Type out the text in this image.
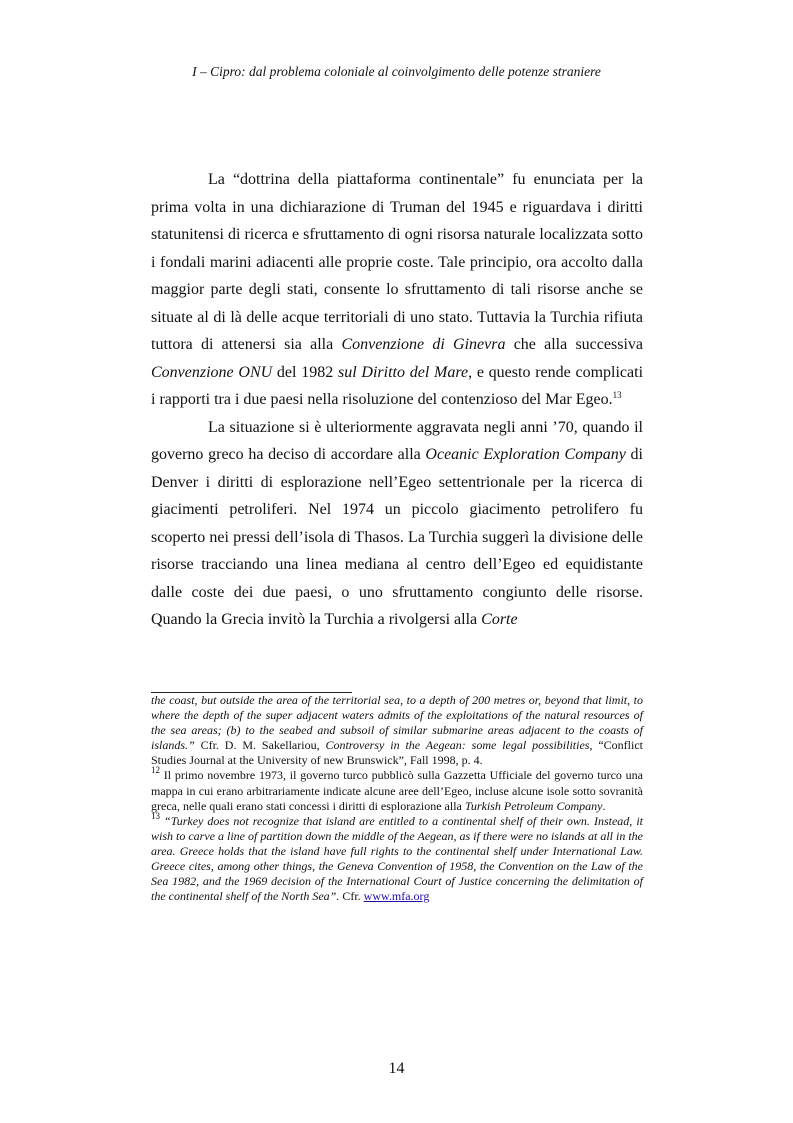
I – Cipro: dal problema coloniale al coinvolgimento delle potenze straniere

La “dottrina della piattaforma continentale” fu enunciata per la prima volta in una dichiarazione di Truman del 1945 e riguardava i diritti statunitensi di ricerca e sfruttamento di ogni risorsa naturale localizzata sotto i fondali marini adiacenti alle proprie coste. Tale principio, ora accolto dalla maggior parte degli stati, consente lo sfruttamento di tali risorse anche se situate al di là delle acque territoriali di uno stato. Tuttavia la Turchia rifiuta tuttora di attenersi sia alla Convenzione di Ginevra che alla successiva Convenzione ONU del 1982 sul Diritto del Mare, e questo rende complicati i rapporti tra i due paesi nella risoluzione del contenzioso del Mar Egeo.$^{13}$

La situazione si è ulteriormente aggravata negli anni ’70, quando il governo greco ha deciso di accordare alla Oceanic Exploration Company di Denver i diritti di esplorazione nell’Egeo settentrionale per la ricerca di giacimenti petroliferi. Nel 1974 un piccolo giacimento petrolifero fu scoperto nei pressi dell’isola di Thasos. La Turchia suggerì la divisione delle risorse tracciando una linea mediana al centro dell’Egeo ed equidistante dalle coste dei due paesi, o uno sfruttamento congiunto delle risorse. Quando la Grecia invitò la Turchia a rivolgersi alla Corte

the coast, but outside the area of the territorial sea, to a depth of 200 metres or, beyond that limit, to where the depth of the super adjacent waters admits of the exploitations of the natural resources of the sea areas; (b) to the seabed and subsoil of similar submarine areas adjacent to the coasts of islands.” Cfr. D. M. Sakellariou, Controversy in the Aegean: some legal possibilities, “Conflict Studies Journal at the University of new Brunswick”, Fall 1998, p. 4.

$^{12}$ Il primo novembre 1973, il governo turco pubblicò sulla Gazzetta Ufficiale del governo turco una mappa in cui erano arbitrariamente indicate alcune aree dell’Egeo, incluse alcune isole sotto sovranità greca, nelle quali erano stati concessi i diritti di esplorazione alla Turkish Petroleum Company.

$^{13}$ “Turkey does not recognize that island are entitled to a continental shelf of their own. Instead, it wish to carve a line of partition down the middle of the Aegean, as if there were no islands at all in the area. Greece holds that the island have full rights to the continental shelf under International Law. Greece cites, among other things, the Geneva Convention of 1958, the Convention on the Law of the Sea 1982, and the 1969 decision of the International Court of Justice concerning the delimitation of the continental shelf of the North Sea”. Cfr. www.mfa.org

14
